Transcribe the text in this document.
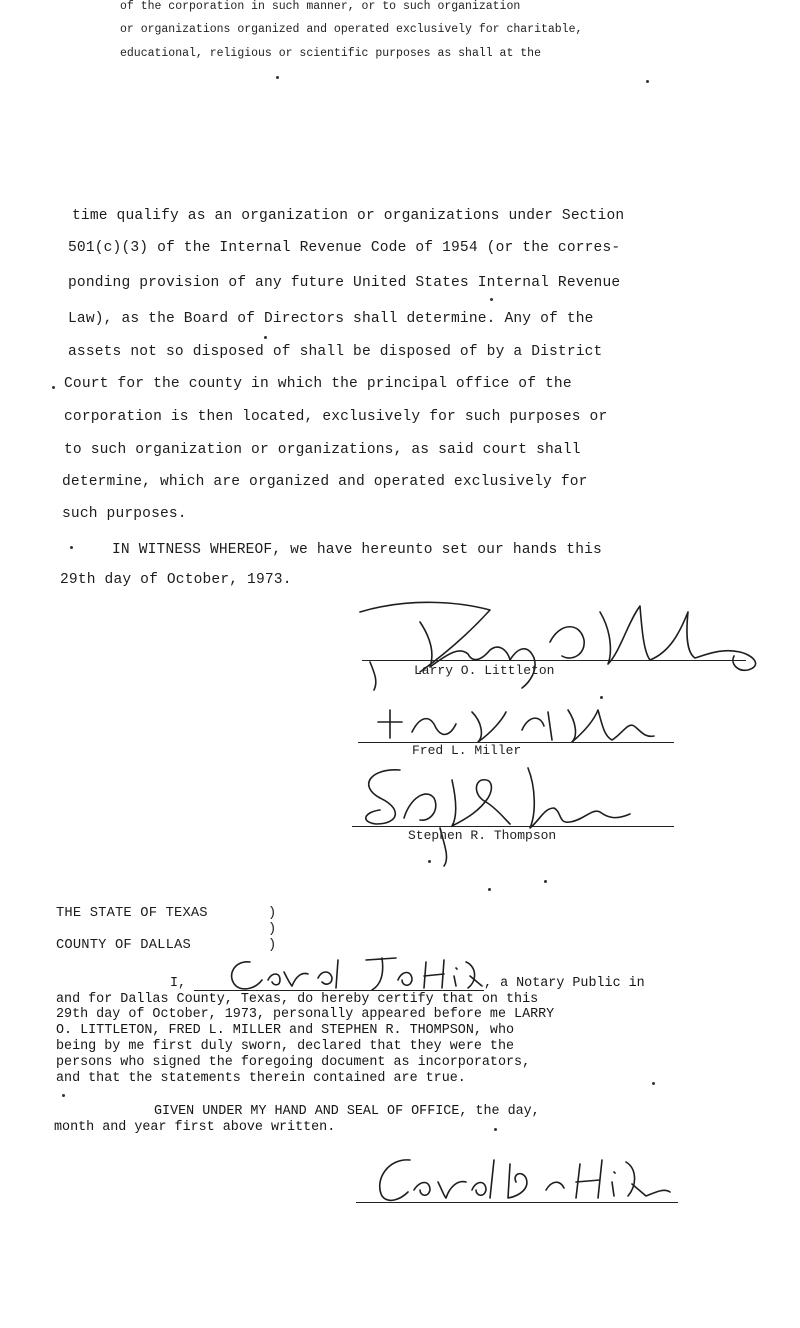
of the corporation in such manner, or to such organization

or organizations organized and operated exclusively for charitable,

educational, religious or scientific purposes as shall at the

time qualify as an organization or organizations under Section

501(c)(3) of the Internal Revenue Code of 1954 (or the corres-

ponding provision of any future United States Internal Revenue

Law), as the Board of Directors shall determine. Any of the

assets not so disposed of shall be disposed of by a District

Court for the county in which the principal office of the

corporation is then located, exclusively for such purposes or

to such organization or organizations, as said court shall

determine, which are organized and operated exclusively for

such purposes.

IN WITNESS WHEREOF, we have hereunto set our hands this

29th day of October, 1973.

Larry O. Littleton

Fred L. Miller

Stephen R. Thompson

THE STATE OF TEXAS	)

)

COUNTY OF DALLAS	)

I,	, a Notary Public in

and for Dallas County, Texas, do hereby certify that on this

29th day of October, 1973, personally appeared before me LARRY

O. LITTLETON, FRED L. MILLER and STEPHEN R. THOMPSON, who

being by me first duly sworn, declared that they were the

persons who signed the foregoing document as incorporators,

and that the statements therein contained are true.

GIVEN UNDER MY HAND AND SEAL OF OFFICE, the day,

month and year first above written.
